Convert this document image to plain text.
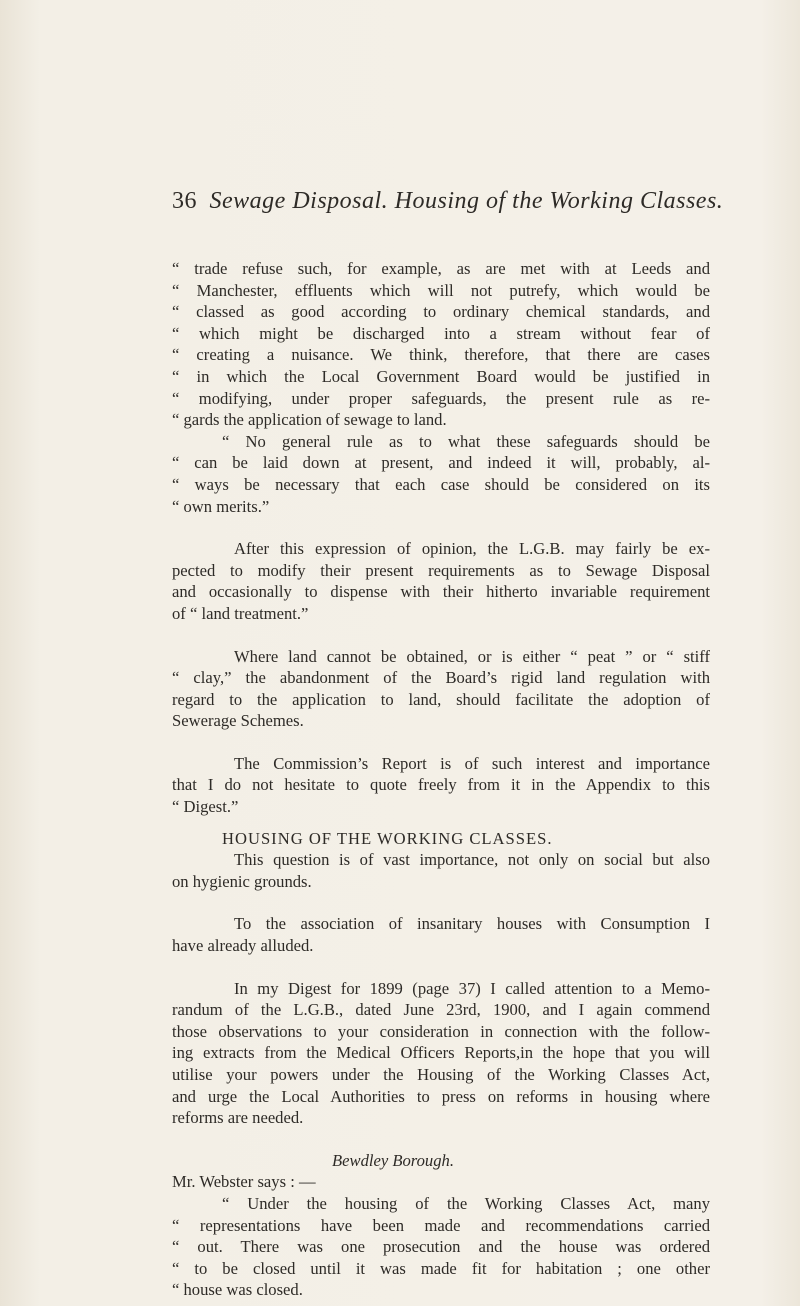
36 Sewage Disposal. Housing of the Working Classes.
“ trade refuse such, for example, as are met with at Leeds and
“ Manchester, effluents which will not putrefy, which would be
“ classed as good according to ordinary chemical standards, and
“ which might be discharged into a stream without fear of
“ creating a nuisance. We think, therefore, that there are cases
“ in which the Local Government Board would be justified in
“ modifying, under proper safeguards, the present rule as re-
“ gards the application of sewage to land.
“ No general rule as to what these safeguards should be
“ can be laid down at present, and indeed it will, probably, al-
“ ways be necessary that each case should be considered on its
“ own merits.”
After this expression of opinion, the L.G.B. may fairly be ex-
pected to modify their present requirements as to Sewage Disposal
and occasionally to dispense with their hitherto invariable requirement
of “ land treatment.”
Where land cannot be obtained, or is either “ peat ” or “ stiff
“ clay,” the abandonment of the Board’s rigid land regulation with
regard to the application to land, should facilitate the adoption of
Sewerage Schemes.
The Commission’s Report is of such interest and importance
that I do not hesitate to quote freely from it in the Appendix to this
“ Digest.”
HOUSING OF THE WORKING CLASSES.
This question is of vast importance, not only on social but also
on hygienic grounds.
To the association of insanitary houses with Consumption I
have already alluded.
In my Digest for 1899 (page 37) I called attention to a Memo-
randum of the L.G.B., dated June 23rd, 1900, and I again commend
those observations to your consideration in connection with the follow-
ing extracts from the Medical Officers Reports,in the hope that you will
utilise your powers under the Housing of the Working Classes Act,
and urge the Local Authorities to press on reforms in housing where
reforms are needed.
Bewdley Borough.
Mr. Webster says : —
“ Under the housing of the Working Classes Act, many
“ representations have been made and recommendations carried
“ out. There was one prosecution and the house was ordered
“ to be closed until it was made fit for habitation ; one other
“ house was closed.
